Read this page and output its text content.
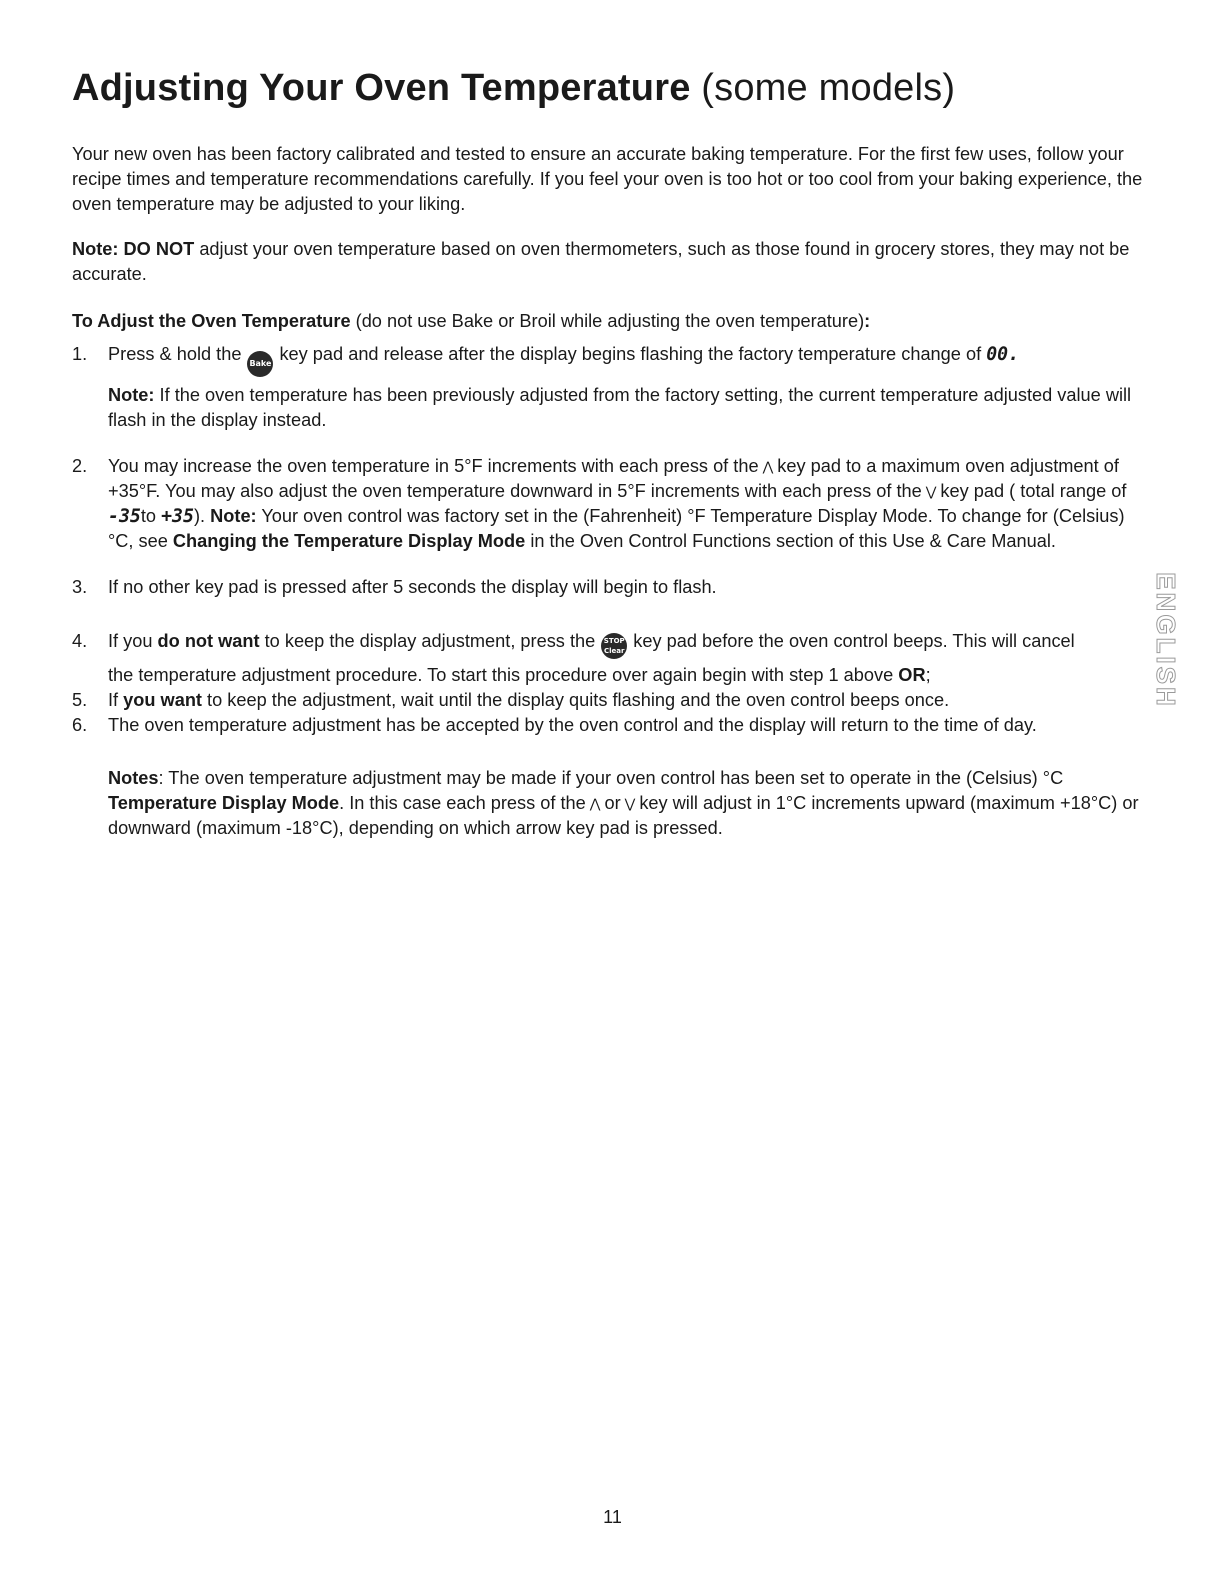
Adjusting Your Oven Temperature (some models)

Your new oven has been factory calibrated and tested to ensure an accurate baking temperature. For the first few uses, follow your recipe times and temperature recommendations carefully. If you feel your oven is too hot or too cool from your baking experience, the oven temperature may be adjusted to your liking.

Note: DO NOT adjust your oven temperature based on oven thermometers, such as those found in grocery stores, they may not be accurate.

To Adjust the Oven Temperature (do not use Bake or Broil while adjusting the oven temperature):

1.	Press & hold the Bake key pad and release after the display begins flashing the factory temperature change of 00.

Note: If the oven temperature has been previously adjusted from the factory setting, the current temperature adjusted value will flash in the display instead.

2.	You may increase the oven temperature in 5°F increments with each press of the ⋀ key pad to a maximum oven adjustment of +35°F. You may also adjust the oven temperature downward in 5°F increments with each press of the ⋁ key pad ( total range of -35to +35). Note: Your oven control was factory set in the (Fahrenheit) °F Temperature Display Mode. To change for (Celsius) °C, see Changing the Temperature Display Mode in the Oven Control Functions section of this Use & Care Manual.

3.	If no other key pad is pressed after 5 seconds the display will begin to flash.

4.	If you do not want to keep the display adjustment, press the STOP
Clear key pad before the oven control beeps. This will cancel

the temperature adjustment procedure. To start this procedure over again begin with step 1 above OR;

5.	If you want to keep the adjustment, wait until the display quits flashing and the oven control beeps once.

6.	The oven temperature adjustment has be accepted by the oven control and the display will return to the time of day.

Notes: The oven temperature adjustment may be made if your oven control has been set to operate in the (Celsius) °C Temperature Display Mode. In this case each press of the ⋀ or ⋁ key will adjust in 1°C increments upward (maximum +18°C) or downward (maximum -18°C), depending on which arrow key pad is pressed.

ENGLISH
11
